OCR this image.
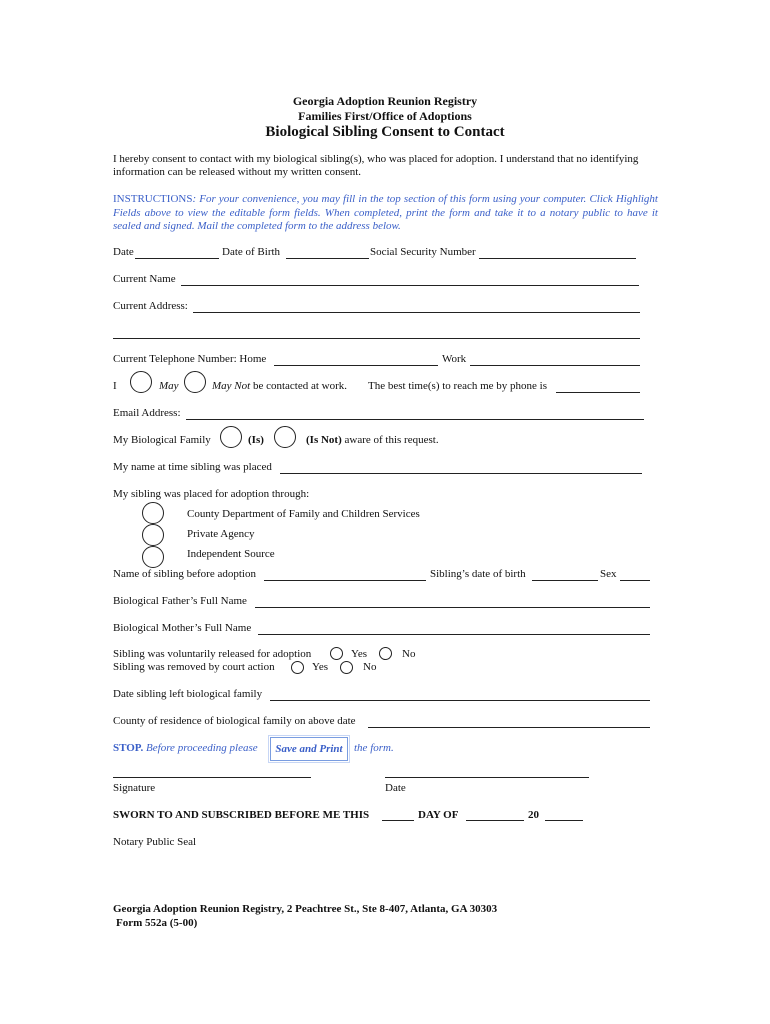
Georgia Adoption Reunion Registry
Families First/Office of Adoptions
Biological Sibling Consent to Contact
I hereby consent to contact with my biological sibling(s), who was placed for adoption. I understand that no identifying
information can be released without my written consent.
INSTRUCTIONS: For your convenience, you may fill in the top section of this form using your computer. Click Highlight Fields above to view the editable form fields. When completed, print the form and take it to a notary public to have it sealed and signed. Mail the completed form to the address below.
Date	Date of Birth	Social Security Number
Current Name
Current Address:
Current Telephone Number: Home	Work
I	May	May Not be contacted at work. The best time(s) to reach me by phone is
Email Address:
My Biological Family	(Is)	(Is Not) aware of this request.
My name at time sibling was placed
My sibling was placed for adoption through:
County Department of Family and Children Services
Private Agency
Independent Source
Name of sibling before adoption	Sibling’s date of birth	Sex
Biological Father’s Full Name
Biological Mother’s Full Name
Sibling was voluntarily released for adoption	Yes	No
Sibling was removed by court action	Yes	No
Date sibling left biological family
County of residence of biological family on above date
STOP. Before proceeding please	Save and Print	the form.
Signature	Date
SWORN TO AND SUBSCRIBED BEFORE ME THIS	DAY OF	20
Notary Public Seal
Georgia Adoption Reunion Registry, 2 Peachtree St., Ste 8-407, Atlanta, GA 30303
Form 552a (5-00)
